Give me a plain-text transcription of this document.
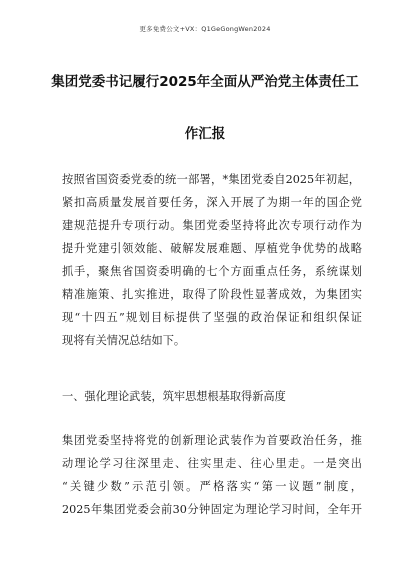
更多免费公文+VX：Q1GeGongWen2024
集团党委书记履行2025年全面从严治党主体责任工
作汇报
按照省国资委党委的统一部署，*集团党委自2025年初起，
紧扣高质量发展首要任务，深入开展了为期一年的国企党
建规范提升专项行动。集团党委坚持将此次专项行动作为
提升党建引领效能、破解发展难题、厚植党争优势的战略
抓手，聚焦省国资委明确的七个方面重点任务，系统谋划
精准施策、扎实推进，取得了阶段性显著成效，为集团实
现“十四五”规划目标提供了坚强的政治保证和组织保证
现将有关情况总结如下。
一、强化理论武装，筑牢思想根基取得新高度
集团党委坚持将党的创新理论武装作为首要政治任务，推
动理论学习往深里走、往实里走、往心里走。一是突出
“关键少数”示范引领。严格落实“第一议题”制度，
2025年集团党委会前30分钟固定为理论学习时间，全年开
